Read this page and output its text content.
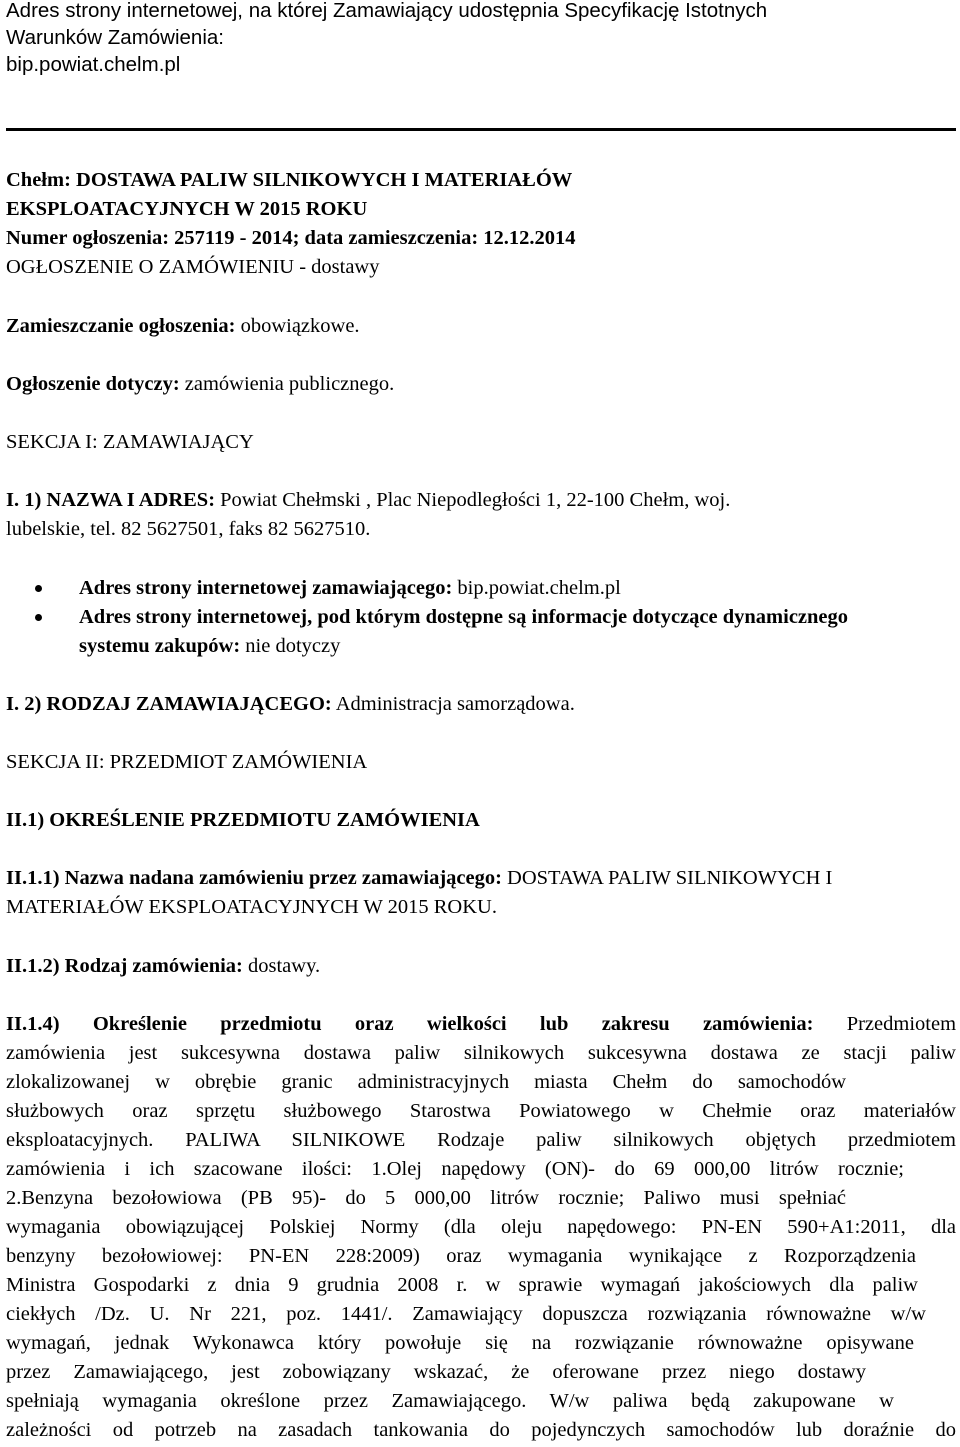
Adres strony internetowej, na której Zamawiający udostępnia Specyfikację Istotnych
Warunków Zamówienia:
bip.powiat.chelm.pl
Chełm: DOSTAWA PALIW SILNIKOWYCH I MATERIAŁÓW
EKSPLOATACYJNYCH W 2015 ROKU
Numer ogłoszenia: 257119 - 2014; data zamieszczenia: 12.12.2014
OGŁOSZENIE O ZAMÓWIENIU - dostawy
Zamieszczanie ogłoszenia: obowiązkowe.
Ogłoszenie dotyczy: zamówienia publicznego.
SEKCJA I: ZAMAWIAJĄCY
I. 1) NAZWA I ADRES: Powiat Chełmski , Plac Niepodległości 1, 22-100 Chełm, woj.
lubelskie, tel. 82 5627501, faks 82 5627510.
Adres strony internetowej zamawiającego: bip.powiat.chelm.pl
Adres strony internetowej, pod którym dostępne są informacje dotyczące dynamicznego systemu zakupów: nie dotyczy
I. 2) RODZAJ ZAMAWIAJĄCEGO: Administracja samorządowa.
SEKCJA II: PRZEDMIOT ZAMÓWIENIA
II.1) OKREŚLENIE PRZEDMIOTU ZAMÓWIENIA
II.1.1) Nazwa nadana zamówieniu przez zamawiającego: DOSTAWA PALIW SILNIKOWYCH I MATERIAŁÓW EKSPLOATACYJNYCH W 2015 ROKU.
II.1.2) Rodzaj zamówienia: dostawy.
II.1.4) Określenie przedmiotu oraz wielkości lub zakresu zamówienia: Przedmiotem
zamówienia jest sukcesywna dostawa paliw silnikowych sukcesywna dostawa ze stacji paliw
zlokalizowanej w obrębie granic administracyjnych miasta Chełm do samochodów
służbowych oraz sprzętu służbowego Starostwa Powiatowego w Chełmie oraz materiałów
eksploatacyjnych. PALIWA SILNIKOWE Rodzaje paliw silnikowych objętych przedmiotem
zamówienia i ich szacowane ilości: 1.Olej napędowy (ON)- do 69 000,00 litrów rocznie;
2.Benzyna bezołowiowa (PB 95)- do 5 000,00 litrów rocznie; Paliwo musi spełniać
wymagania obowiązującej Polskiej Normy (dla oleju napędowego: PN-EN 590+A1:2011, dla
benzyny bezołowiowej: PN-EN 228:2009) oraz wymagania wynikające z Rozporządzenia
Ministra Gospodarki z dnia 9 grudnia 2008 r. w sprawie wymagań jakościowych dla paliw
ciekłych /Dz. U. Nr 221, poz. 1441/. Zamawiający dopuszcza rozwiązania równoważne w/w
wymagań, jednak Wykonawca który powołuje się na rozwiązanie równoważne opisywane
przez Zamawiającego, jest zobowiązany wskazać, że oferowane przez niego dostawy
spełniają wymagania określone przez Zamawiającego. W/w paliwa będą zakupowane w
zależności od potrzeb na zasadach tankowania do pojedynczych samochodów lub doraźnie do
